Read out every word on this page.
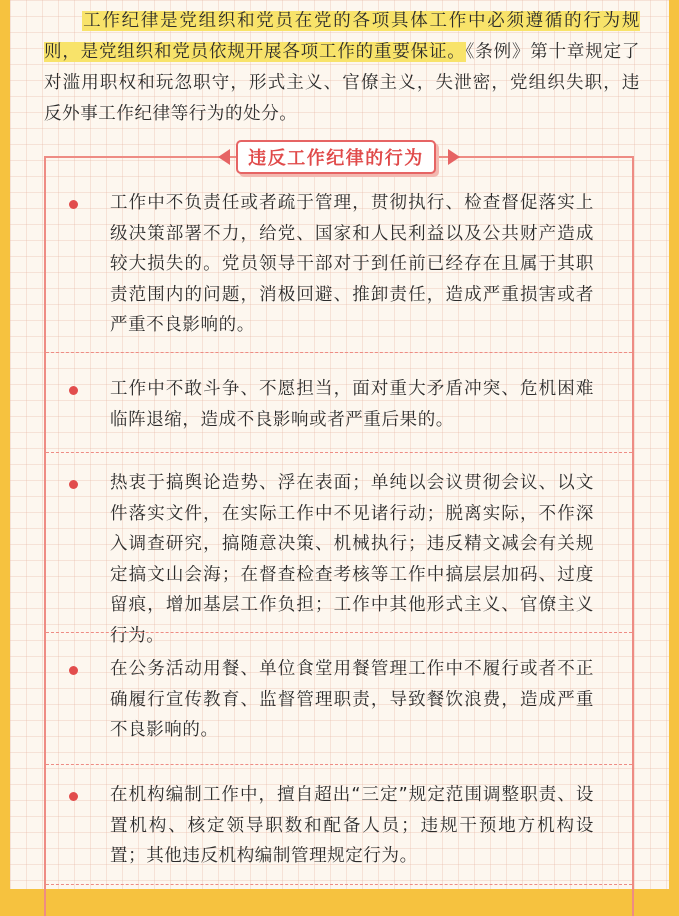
工作纪律是党组织和党员在党的各项具体工作中必须遵循的行为规则，是党组织和党员依规开展各项工作的重要保证。《条例》第十章规定了对滥用职权和玩忽职守，形式主义、官僚主义，失泄密，党组织失职，违反外事工作纪律等行为的处分。

违反工作纪律的行为

工作中不负责任或者疏于管理，贯彻执行、检查督促落实上级决策部署不力，给党、国家和人民利益以及公共财产造成较大损失的。党员领导干部对于到任前已经存在且属于其职责范围内的问题，消极回避、推卸责任，造成严重损害或者严重不良影响的。

工作中不敢斗争、不愿担当，面对重大矛盾冲突、危机困难临阵退缩，造成不良影响或者严重后果的。

热衷于搞舆论造势、浮在表面；单纯以会议贯彻会议、以文件落实文件，在实际工作中不见诸行动；脱离实际，不作深入调查研究，搞随意决策、机械执行；违反精文减会有关规定搞文山会海；在督查检查考核等工作中搞层层加码、过度留痕，增加基层工作负担；工作中其他形式主义、官僚主义行为。

在公务活动用餐、单位食堂用餐管理工作中不履行或者不正确履行宣传教育、监督管理职责，导致餐饮浪费，造成严重不良影响的。

在机构编制工作中，擅自超出“三定”规定范围调整职责、设置机构、核定领导职数和配备人员；违规干预地方机构设置；其他违反机构编制管理规定行为。
